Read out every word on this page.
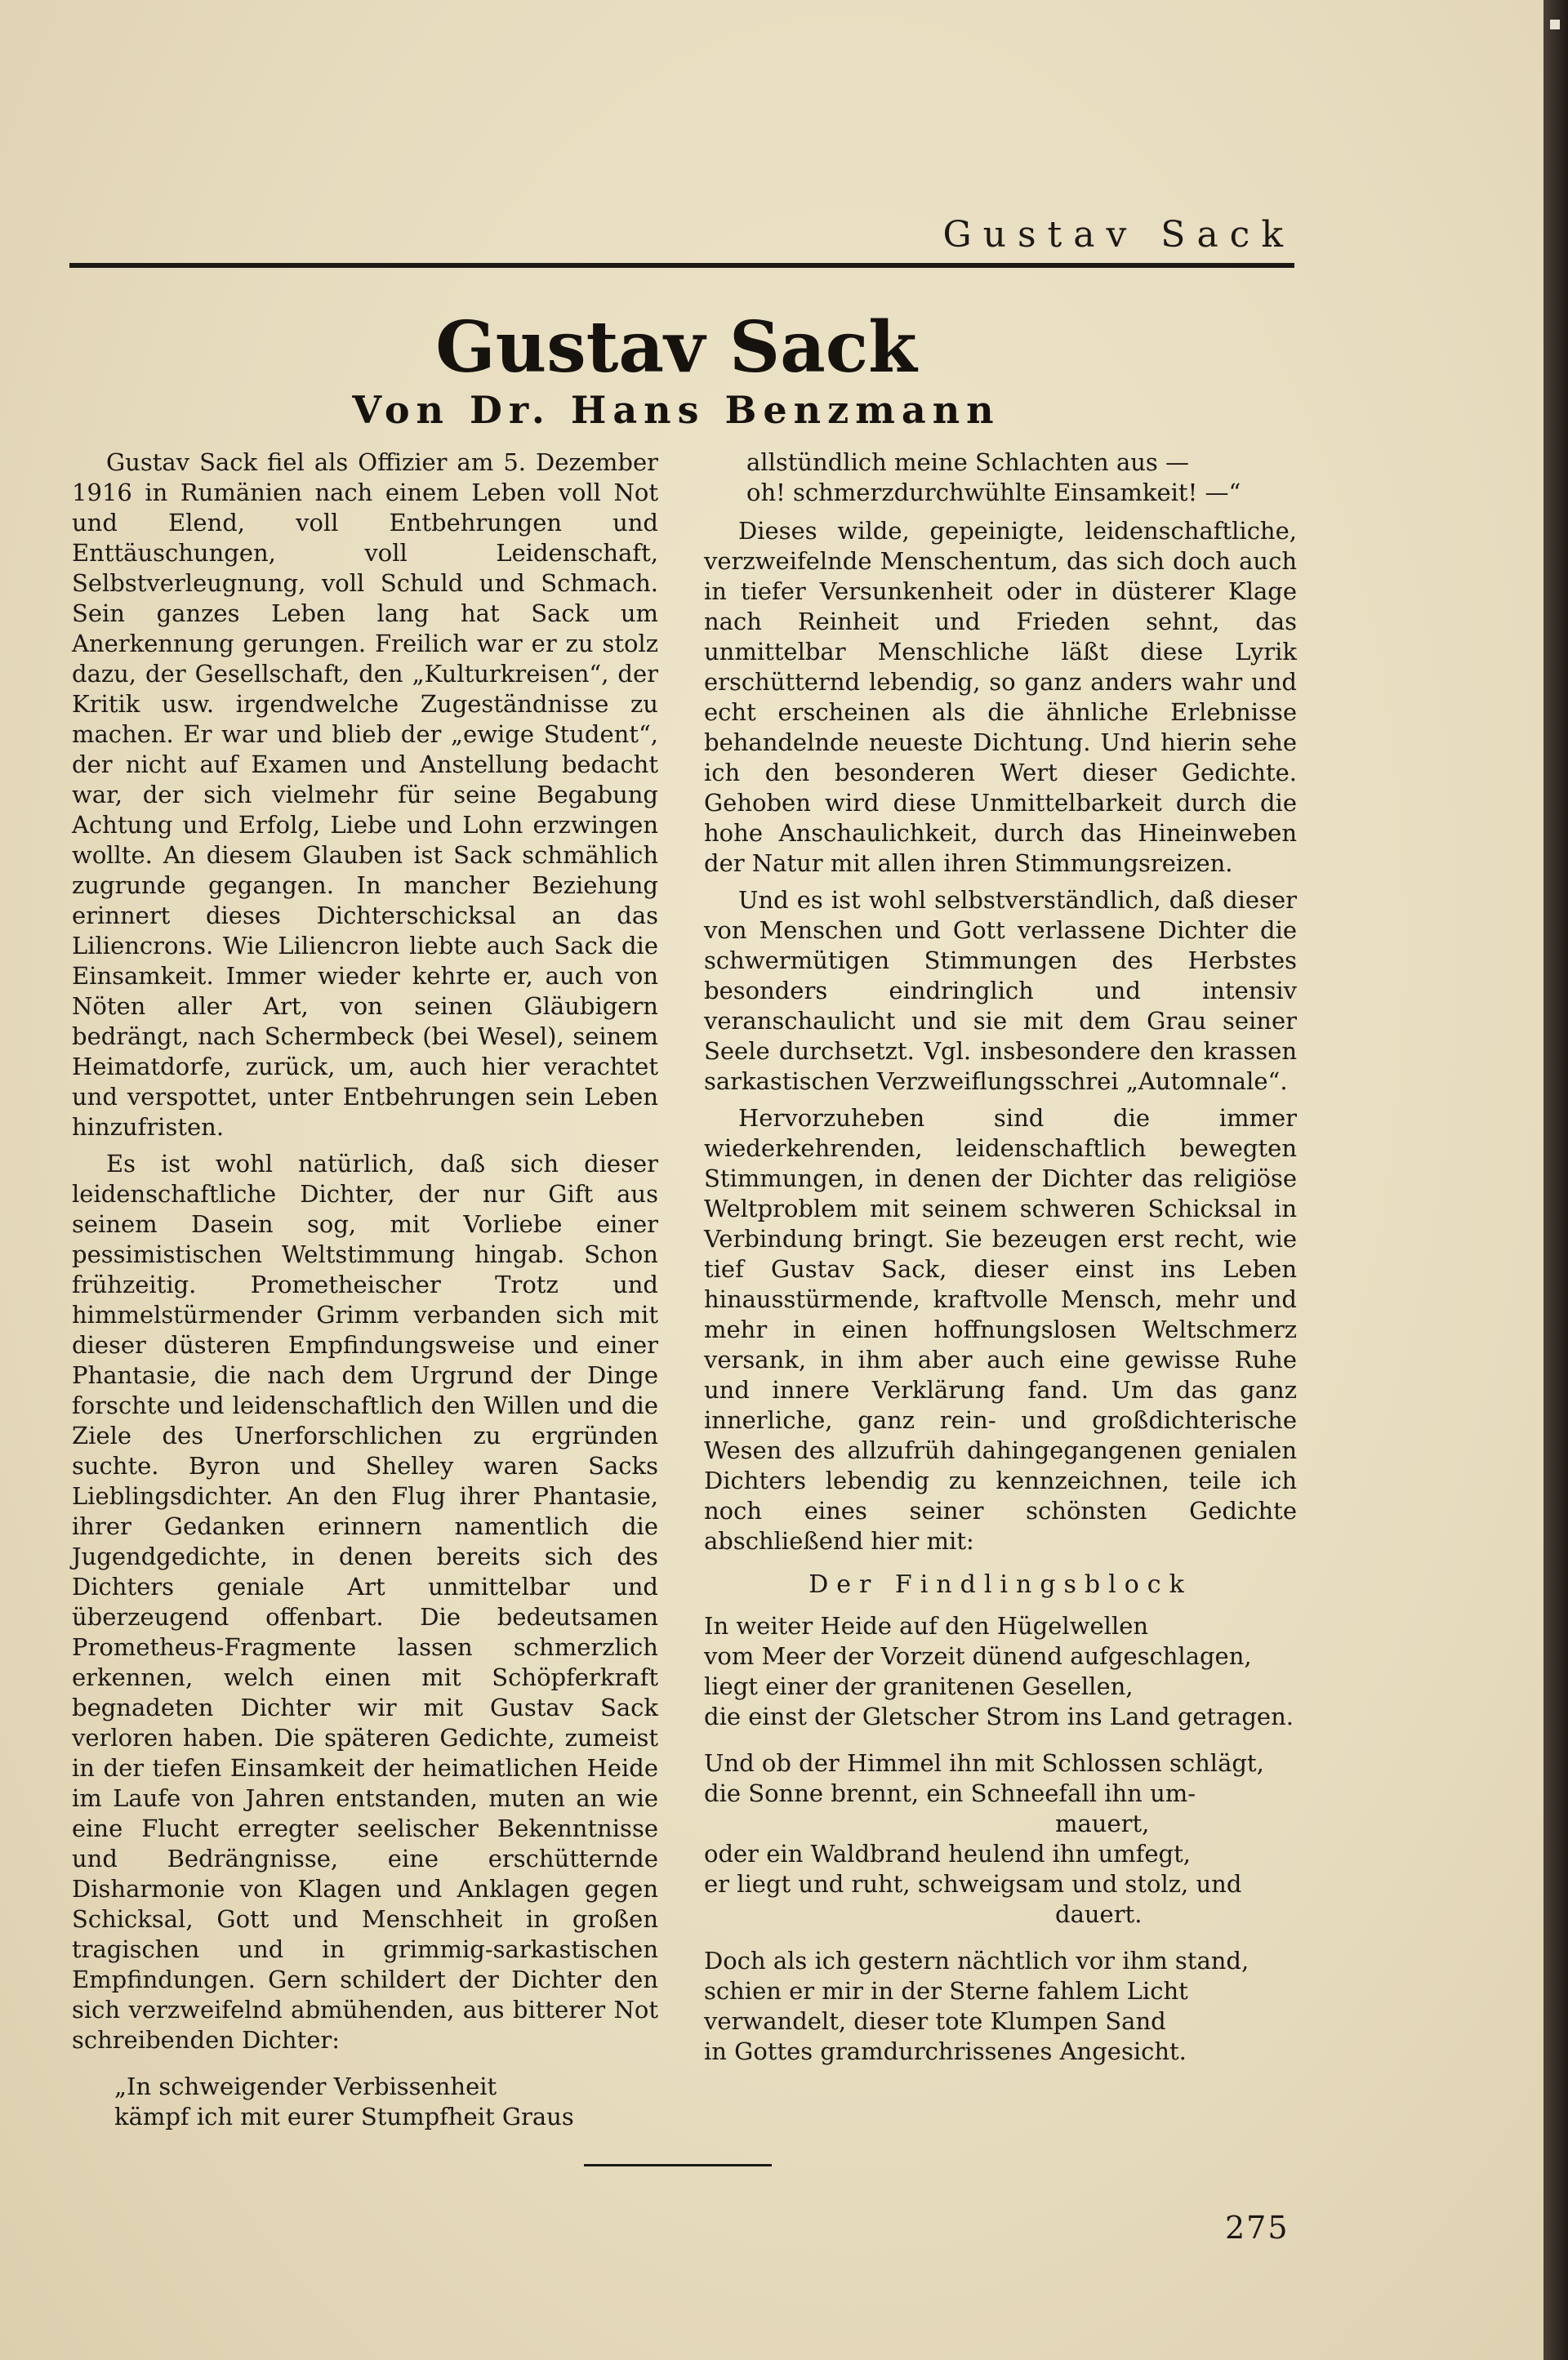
Gustav Sack
Gustav Sack
Von Dr. Hans Benzmann

Gustav Sack fiel als Offizier am 5. Dezember 1916 in Rumänien nach einem Leben voll Not und Elend, voll Entbehrungen und Enttäuschungen, voll Leidenschaft, Selbstverleugnung, voll Schuld und Schmach. Sein ganzes Leben lang hat Sack um Anerkennung gerungen. Freilich war er zu stolz dazu, der Gesellschaft, den „Kulturkreisen“, der Kritik usw. irgendwelche Zugeständnisse zu machen. Er war und blieb der „ewige Student“, der nicht auf Examen und Anstellung bedacht war, der sich vielmehr für seine Begabung Achtung und Erfolg, Liebe und Lohn erzwingen wollte. An diesem Glauben ist Sack schmählich zugrunde gegangen. In mancher Beziehung erinnert dieses Dichterschicksal an das Liliencrons. Wie Liliencron liebte auch Sack die Einsamkeit. Immer wieder kehrte er, auch von Nöten aller Art, von seinen Gläubigern bedrängt, nach Schermbeck (bei Wesel), seinem Heimatdorfe, zurück, um, auch hier verachtet und verspottet, unter Entbehrungen sein Leben hinzufristen.

Es ist wohl natürlich, daß sich dieser leidenschaftliche Dichter, der nur Gift aus seinem Dasein sog, mit Vorliebe einer pessimistischen Weltstimmung hingab. Schon frühzeitig. Prometheischer Trotz und himmelstürmender Grimm verbanden sich mit dieser düsteren Empfindungsweise und einer Phantasie, die nach dem Urgrund der Dinge forschte und leidenschaftlich den Willen und die Ziele des Unerforschlichen zu ergründen suchte. Byron und Shelley waren Sacks Lieblingsdichter. An den Flug ihrer Phantasie, ihrer Gedanken erinnern namentlich die Jugendgedichte, in denen bereits sich des Dichters geniale Art unmittelbar und überzeugend offenbart. Die bedeutsamen Prometheus-Fragmente lassen schmerzlich erkennen, welch einen mit Schöpferkraft begnadeten Dichter wir mit Gustav Sack verloren haben. Die späteren Gedichte, zumeist in der tiefen Einsamkeit der heimatlichen Heide im Laufe von Jahren entstanden, muten an wie eine Flucht erregter seelischer Bekenntnisse und Bedrängnisse, eine erschütternde Disharmonie von Klagen und Anklagen gegen Schicksal, Gott und Menschheit in großen tragischen und in grimmig-sarkastischen Empfindungen. Gern schildert der Dichter den sich verzweifelnd abmühenden, aus bitterer Not schreibenden Dichter:

„In schweigender Verbissenheit
kämpf ich mit eurer Stumpfheit Graus
allstündlich meine Schlachten aus —
oh! schmerzdurchwühlte Einsamkeit! —“

Dieses wilde, gepeinigte, leidenschaftliche, verzweifelnde Menschentum, das sich doch auch in tiefer Versunkenheit oder in düsterer Klage nach Reinheit und Frieden sehnt, das unmittelbar Menschliche läßt diese Lyrik erschütternd lebendig, so ganz anders wahr und echt erscheinen als die ähnliche Erlebnisse behandelnde neueste Dichtung. Und hierin sehe ich den besonderen Wert dieser Gedichte. Gehoben wird diese Unmittelbarkeit durch die hohe Anschaulichkeit, durch das Hineinweben der Natur mit allen ihren Stimmungsreizen.

Und es ist wohl selbstverständlich, daß dieser von Menschen und Gott verlassene Dichter die schwermütigen Stimmungen des Herbstes besonders eindringlich und intensiv veranschaulicht und sie mit dem Grau seiner Seele durchsetzt. Vgl. insbesondere den krassen sarkastischen Verzweiflungsschrei „Automnale“.

Hervorzuheben sind die immer wiederkehrenden, leidenschaftlich bewegten Stimmungen, in denen der Dichter das religiöse Weltproblem mit seinem schweren Schicksal in Verbindung bringt. Sie bezeugen erst recht, wie tief Gustav Sack, dieser einst ins Leben hinausstürmende, kraftvolle Mensch, mehr und mehr in einen hoffnungslosen Weltschmerz versank, in ihm aber auch eine gewisse Ruhe und innere Verklärung fand. Um das ganz innerliche, ganz rein- und großdichterische Wesen des allzufrüh dahingegangenen genialen Dichters lebendig zu kennzeichnen, teile ich noch eines seiner schönsten Gedichte abschließend hier mit:

Der Findlingsblock
In weiter Heide auf den Hügelwellen
vom Meer der Vorzeit dünend aufgeschlagen,
liegt einer der granitenen Gesellen,
die einst der Gletscher Strom ins Land getragen.
Und ob der Himmel ihn mit Schlossen schlägt,
die Sonne brennt, ein Schneefall ihn um-
mauert,
oder ein Waldbrand heulend ihn umfegt,
er liegt und ruht, schweigsam und stolz, und
dauert.
Doch als ich gestern nächtlich vor ihm stand,
schien er mir in der Sterne fahlem Licht
verwandelt, dieser tote Klumpen Sand
in Gottes gramdurchrissenes Angesicht.
275
